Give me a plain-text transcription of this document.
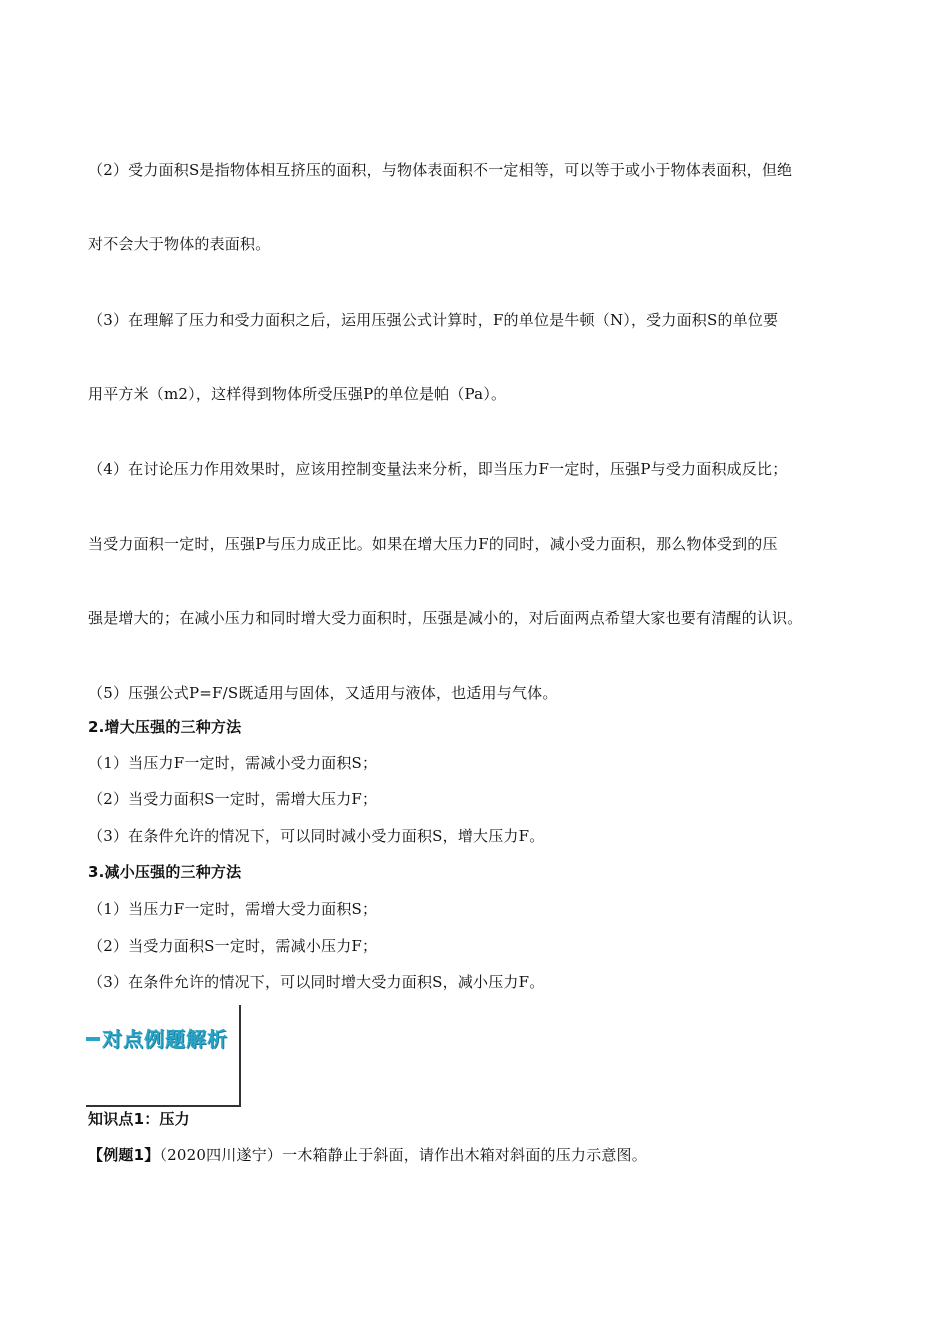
（2）受力面积S是指物体相互挤压的面积，与物体表面积不一定相等，可以等于或小于物体表面积，但绝
对不会大于物体的表面积。
（3）在理解了压力和受力面积之后，运用压强公式计算时，F的单位是牛顿（N），受力面积S的单位要
用平方米（m2），这样得到物体所受压强P的单位是帕（Pa）。
（4）在讨论压力作用效果时，应该用控制变量法来分析，即当压力F一定时，压强P与受力面积成反比；
当受力面积一定时，压强P与压力成正比。如果在增大压力F的同时，减小受力面积，那么物体受到的压
强是增大的；在减小压力和同时增大受力面积时，压强是减小的，对后面两点希望大家也要有清醒的认识。
（5）压强公式P=F/S既适用与固体，又适用与液体，也适用与气体。
2.增大压强的三种方法
（1）当压力F一定时，需减小受力面积S；
（2）当受力面积S一定时，需增大压力F；
（3）在条件允许的情况下，可以同时减小受力面积S，增大压力F。
3.减小压强的三种方法
（1）当压力F一定时，需增大受力面积S；
（2）当受力面积S一定时，需减小压力F；
（3）在条件允许的情况下，可以同时增大受力面积S，减小压力F。
对点例题解析
知识点1：压力
【例题1】（2020四川遂宁）一木箱静止于斜面，请作出木箱对斜面的压力示意图。
